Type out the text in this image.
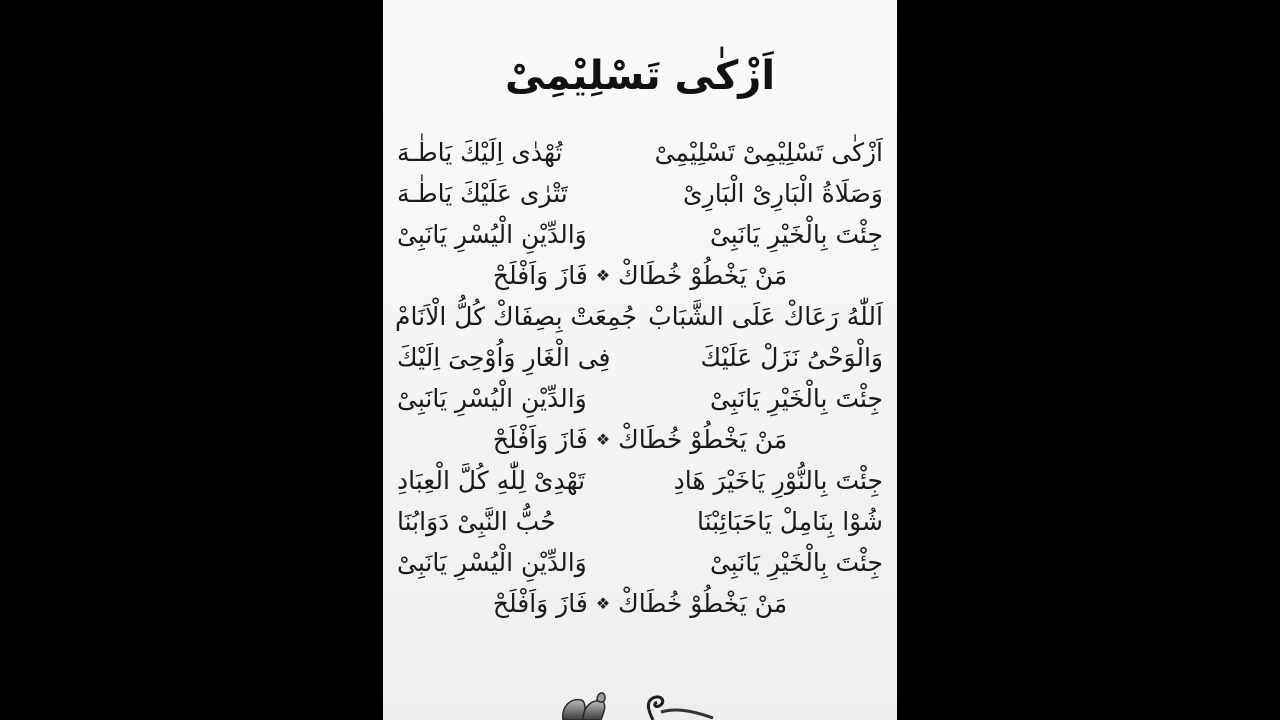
اَزْكٰى تَسْلِيْمِىْ
اَزْكٰى تَسْلِيْمِىْ تَسْلِيْمِىْ
تُهْدٰى اِلَيْكَ يَاطٰـهَ
وَصَلَاةُ الْبَارِىْ الْبَارِىْ
تَتْرٰى عَلَيْكَ يَاطٰـهَ
جِئْتَ بِالْخَيْرِ يَانَبِىْ
وَالدِّيْنِ الْيُسْرِ يَانَبِىْ
مَنْ يَخْطُوْ خُطَاكْ
❖
فَازَ وَاَفْلَحْ
اَللّٰهُ رَعَاكْ عَلَى الشَّبَابْ
جُمِعَتْ بِصِفَاكْ كُلُّ الْاَنَامْ
وَالْوَحْىُ نَزَلْ عَلَيْكَ
فِى الْغَارِ وَاُوْحِىَ اِلَيْكَ
جِئْتَ بِالْخَيْرِ يَانَبِىْ
وَالدِّيْنِ الْيُسْرِ يَانَبِىْ
مَنْ يَخْطُوْ خُطَاكْ
❖
فَازَ وَاَفْلَحْ
جِئْتَ بِالنُّوْرِ يَاخَيْرَ هَادِ
تَهْدِىْ لِلّٰهِ كُلَّ الْعِبَادِ
شُوْا بِنَامِلْ يَاحَبَائِبْنَا
حُبُّ النَّبِىْ دَوَابُنَا
جِئْتَ بِالْخَيْرِ يَانَبِىْ
وَالدِّيْنِ الْيُسْرِ يَانَبِىْ
مَنْ يَخْطُوْ خُطَاكْ
❖
فَازَ وَاَفْلَحْ
